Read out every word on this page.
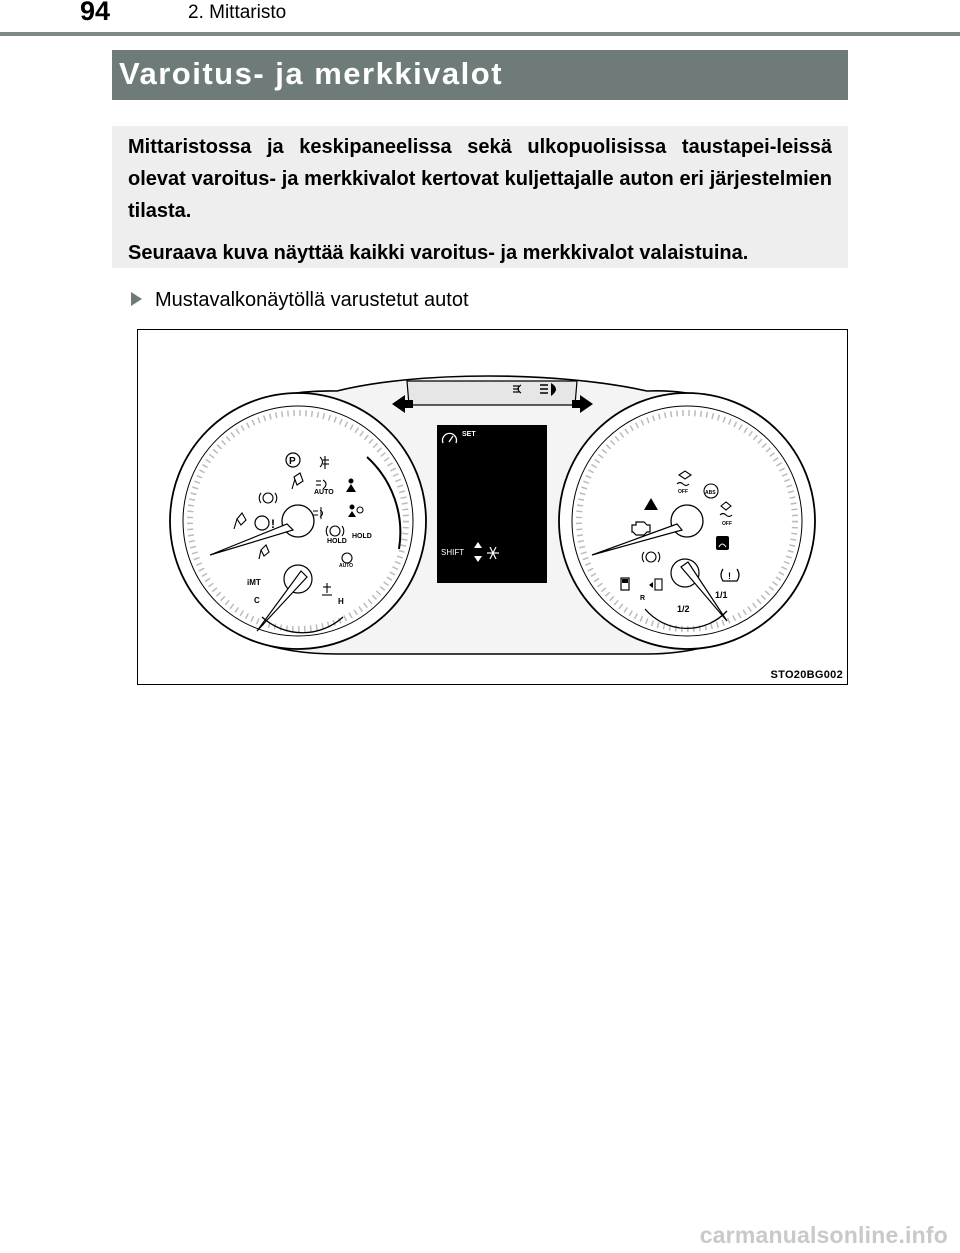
94	2. Mittaristo
Varoitus- ja merkkivalot

Mittaristossa ja keskipaneelissa sekä ulkopuolisissa taustapei-leissä olevat varoitus- ja merkkivalot kertovat kuljettajalle auton eri järjestelmien tilasta.

Seuraava kuva näyttää kaikki varoitus- ja merkkivalot valaistuina.

Mustavalkonäytöllä varustetut autot
SET
SHIFT
iMT
C	H
AUTO
HOLD
HOLD
AUTO
P
!
OFF	ABS
OFF
R
1/2
1/1
!
STO20BG002
carmanualsonline.info
